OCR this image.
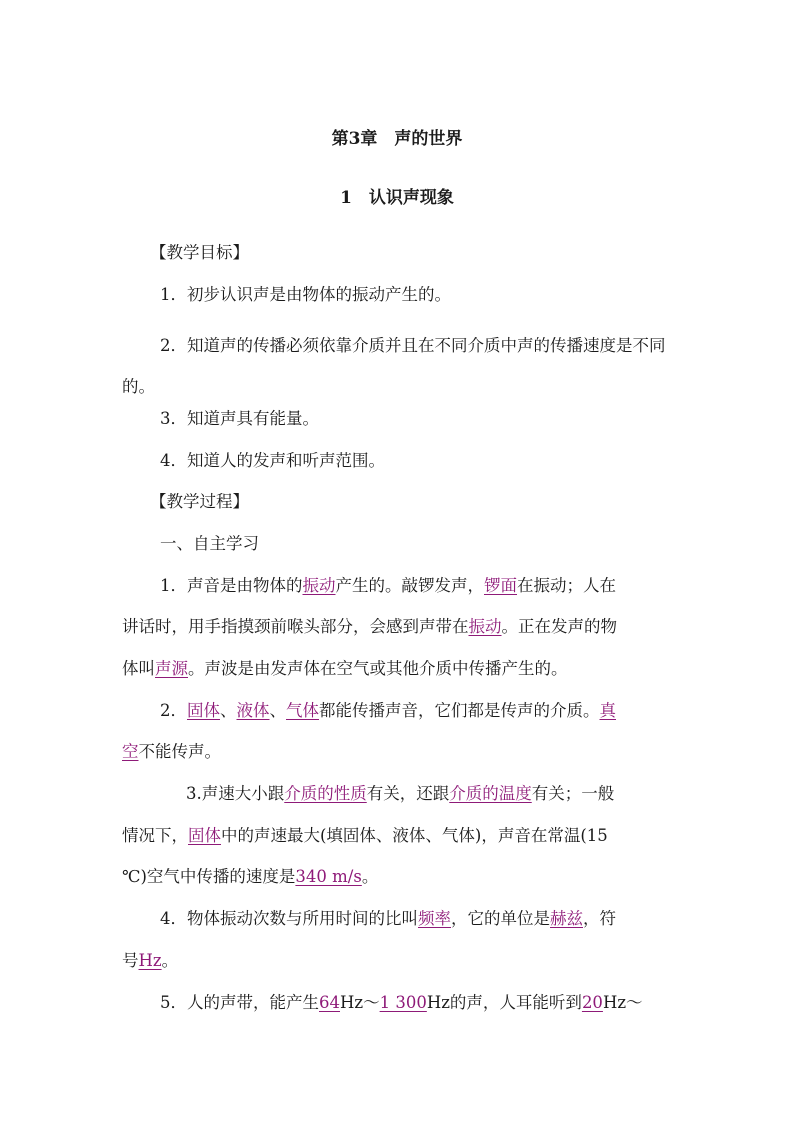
第3章　声的世界
1　认识声现象
【教学目标】
1．初步认识声是由物体的振动产生的。
2．知道声的传播必须依靠介质并且在不同介质中声的传播速度是不同的。
3．知道声具有能量。
4．知道人的发声和听声范围。
【教学过程】
一、自主学习
1．声音是由物体的振动产生的。敲锣发声，锣面在振动；人在
讲话时，用手指摸颈前喉头部分，会感到声带在振动。正在发声的物
体叫声源。声波是由发声体在空气或其他介质中传播产生的。
2．固体、液体、气体都能传播声音，它们都是传声的介质。真
空不能传声。
3.声速大小跟介质的性质有关，还跟介质的温度有关；一般
情况下，固体中的声速最大(填固体、液体、气体)，声音在常温(15
℃)空气中传播的速度是340 m/s。
4．物体振动次数与所用时间的比叫频率，它的单位是赫兹，符
号Hz。
5．人的声带，能产生64Hz～1 300Hz的声，人耳能听到20Hz～
